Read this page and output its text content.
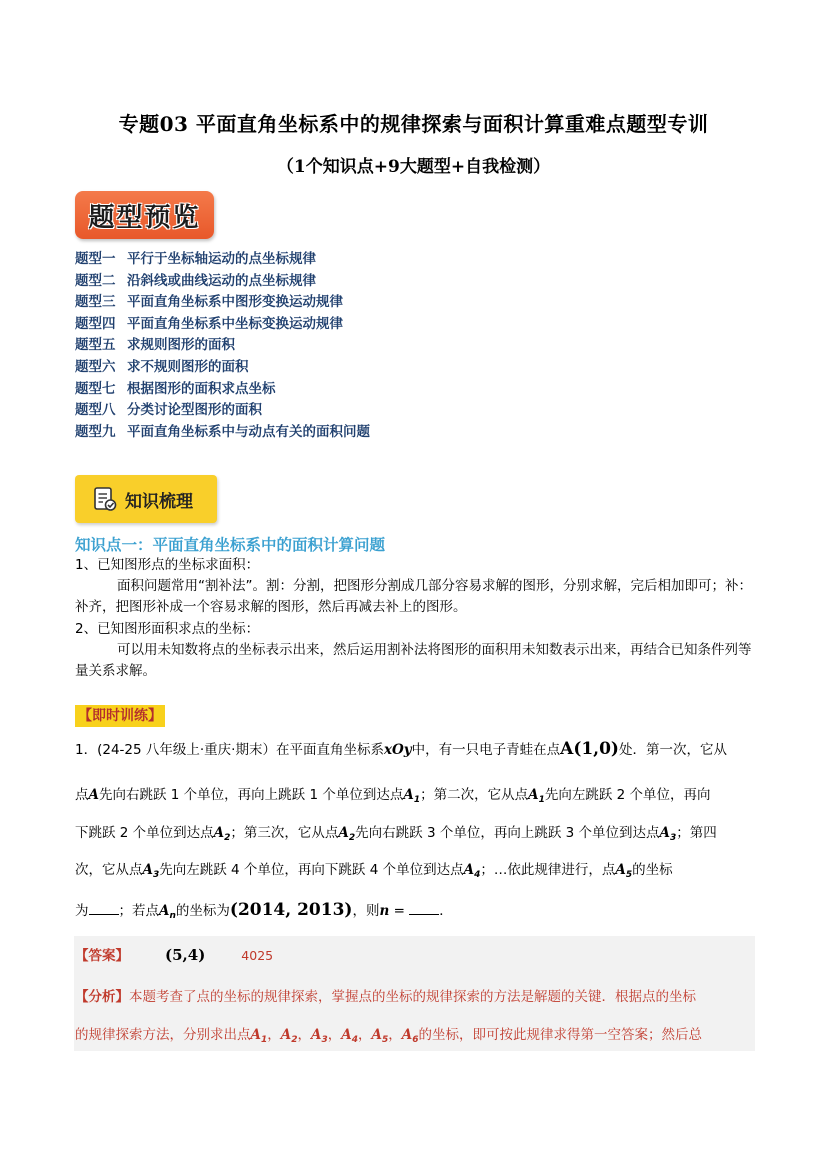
专题03 平面直角坐标系中的规律探索与面积计算重难点题型专训
（1个知识点+9大题型+自我检测）
题型预览
题型一 平行于坐标轴运动的点坐标规律
题型二 沿斜线或曲线运动的点坐标规律
题型三 平面直角坐标系中图形变换运动规律
题型四 平面直角坐标系中坐标变换运动规律
题型五 求规则图形的面积
题型六 求不规则图形的面积
题型七 根据图形的面积求点坐标
题型八 分类讨论型图形的面积
题型九 平面直角坐标系中与动点有关的面积问题
知识梳理
知识点一：平面直角坐标系中的面积计算问题
1、已知图形点的坐标求面积：
面积问题常用“割补法”。割：分割，把图形分割成几部分容易求解的图形，分别求解，完后相加即可；补：补齐，把图形补成一个容易求解的图形，然后再减去补上的图形。
2、已知图形面积求点的坐标：
可以用未知数将点的坐标表示出来，然后运用割补法将图形的面积用未知数表示出来，再结合已知条件列等量关系求解。
【即时训练】
1．(24-25 八年级上·重庆·期末）在平面直角坐标系xOy中，有一只电子青蛙在点A(1,0)处．第一次，它从
点A先向右跳跃 1 个单位，再向上跳跃 1 个单位到达点$A_1$；第二次，它从点$A_1$先向左跳跃 2 个单位，再向
下跳跃 2 个单位到达点$A_2$；第三次，它从点$A_2$先向右跳跃 3 个单位，再向上跳跃 3 个单位到达点$A_3$；第四
次，它从点$A_3$先向左跳跃 4 个单位，再向下跳跃 4 个单位到达点$A_4$；…依此规律进行，点$A_5$的坐标
为 ；若点$A_n$的坐标为(2014, 2013)，则n = ．
【答案】 (5,4)	4025
【分析】本题考查了点的坐标的规律探索，掌握点的坐标的规律探索的方法是解题的关键．根据点的坐标
的规律探索方法，分别求出点$A_1$，$A_2$，$A_3$，$A_4$，$A_5$，$A_6$的坐标，即可按此规律求得第一空答案；然后总
